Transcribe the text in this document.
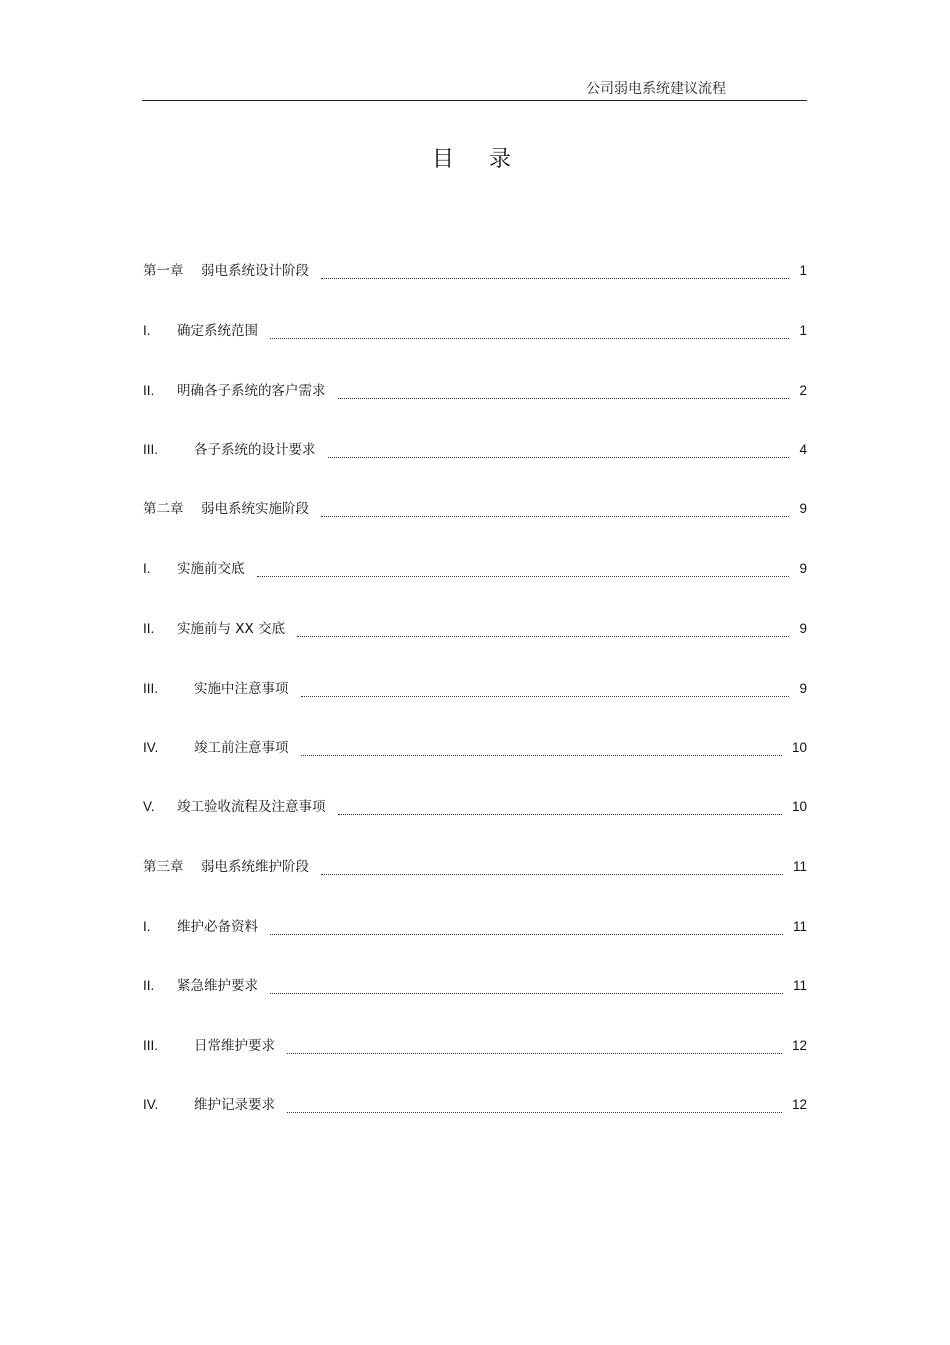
公司弱电系统建议流程
目 录
第一章	弱电系统设计阶段	1
I.	确定系统范围	1
II.	明确各子系统的客户需求	2
III.	各子系统的设计要求	4
第二章	弱电系统实施阶段	9
I.	实施前交底	9
II.	实施前与 XX 交底	9
III.	实施中注意事项	9
IV.	竣工前注意事项	10
V.	竣工验收流程及注意事项	10
第三章	弱电系统维护阶段	11
I.	维护必备资料	11
II.	紧急维护要求	11
III.	日常维护要求	12
IV.	维护记录要求	12
